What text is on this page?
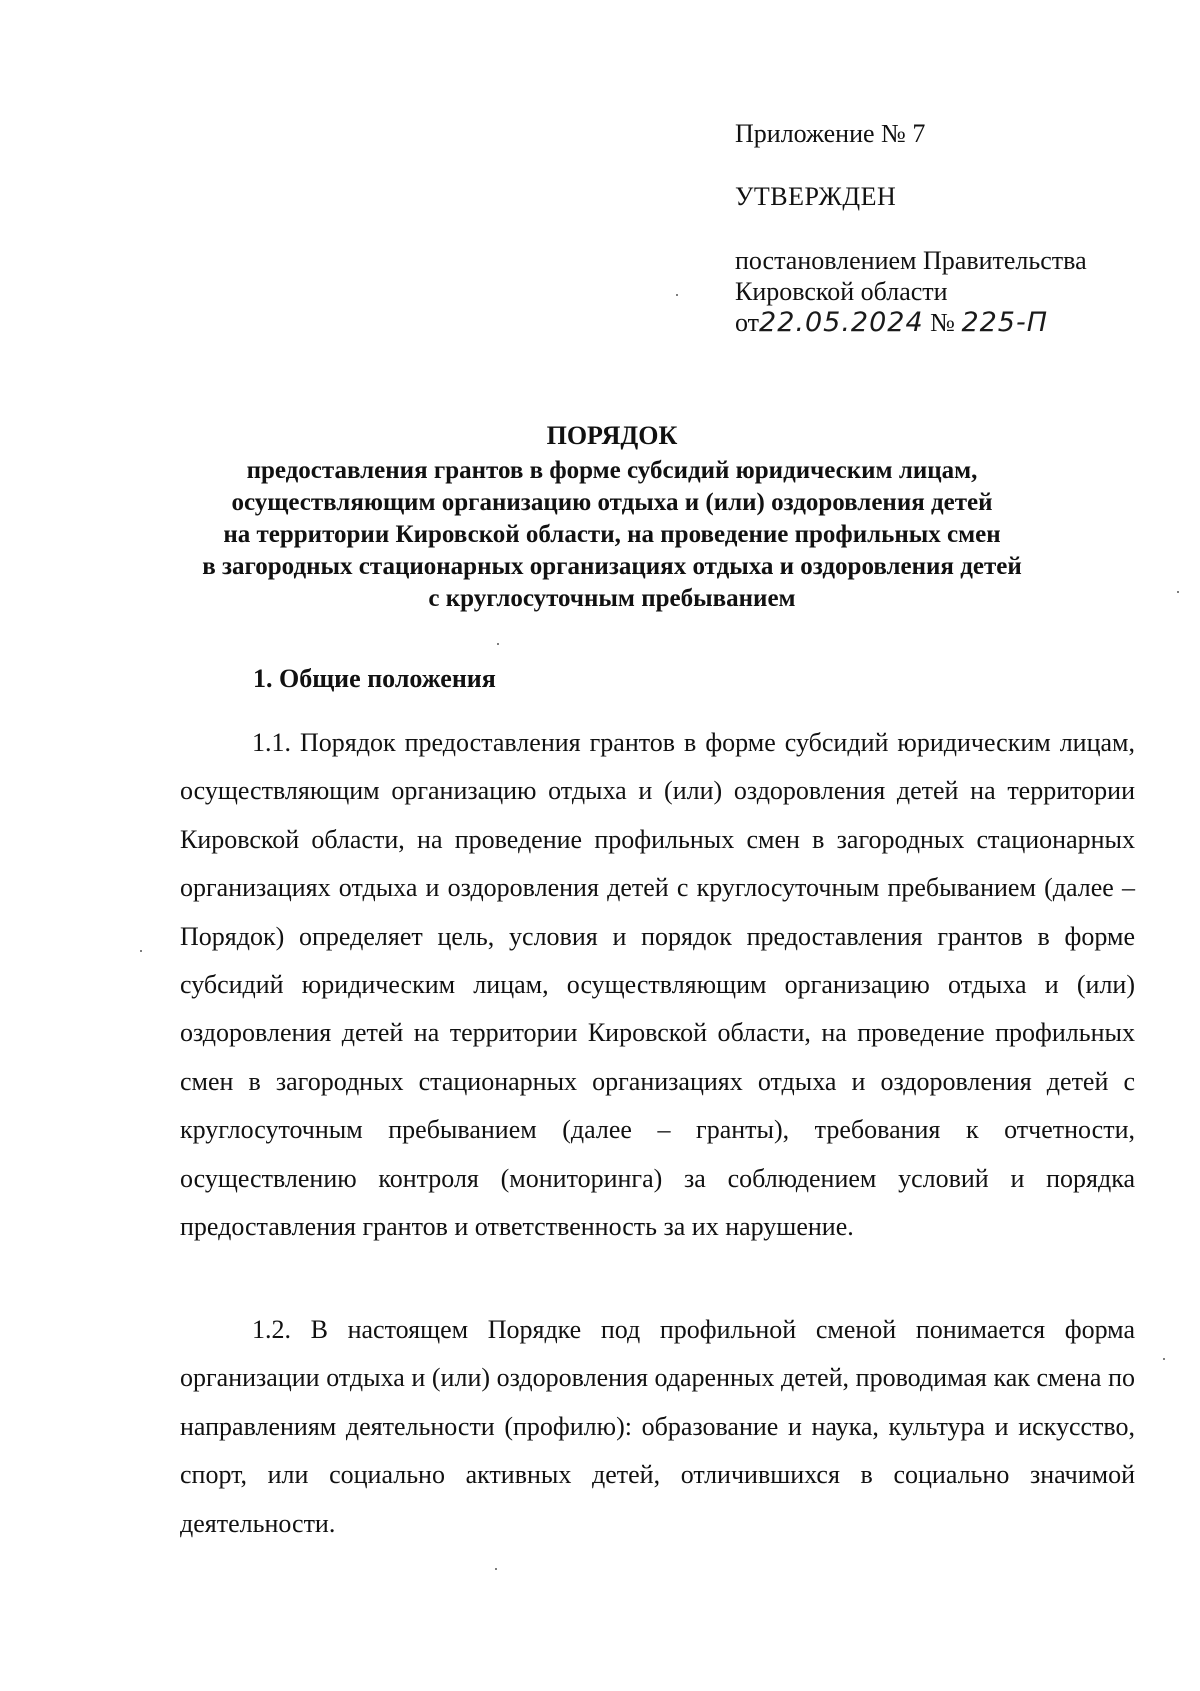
Приложение № 7

УТВЕРЖДЕН

постановлением Правительства

Кировской области

от22.05.2024 № 225-П

ПОРЯДОК
предоставления грантов в форме субсидий юридическим лицам,
осуществляющим организацию отдыха и (или) оздоровления детей
на территории Кировской области, на проведение профильных смен
в загородных стационарных организациях отдыха и оздоровления детей
с круглосуточным пребыванием
1. Общие положения

1.1. Порядок предоставления грантов в форме субсидий юридическим лицам, осуществляющим организацию отдыха и (или) оздоровления детей на территории Кировской области, на проведение профильных смен в загородных стационарных организациях отдыха и оздоровления детей с круглосуточным пребыванием (далее – Порядок) определяет цель, условия и порядок предоставления грантов в форме субсидий юридическим лицам, осуществляющим организацию отдыха и (или) оздоровления детей на территории Кировской области, на проведение профильных смен в загородных стационарных организациях отдыха и оздоровления детей с круглосуточным пребыванием (далее – гранты), требования к отчетности, осуществлению контроля (мониторинга) за соблюдением условий и порядка предоставления грантов и ответственность за их нарушение.

1.2. В настоящем Порядке под профильной сменой понимается форма организации отдыха и (или) оздоровления одаренных детей, проводимая как смена по направлениям деятельности (профилю): образование и наука, культура и искусство, спорт, или социально активных детей, отличившихся в социально значимой деятельности.
